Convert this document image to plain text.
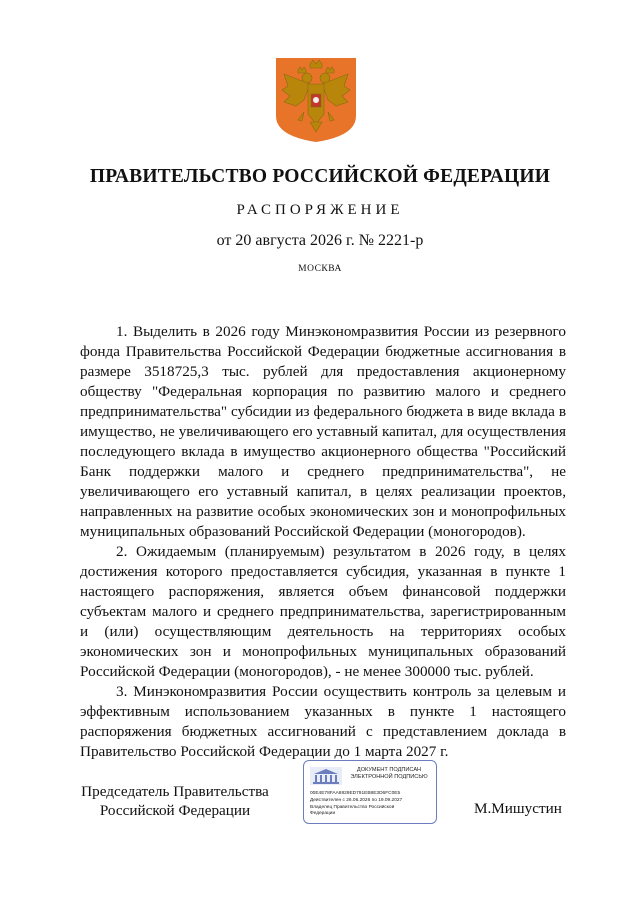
ПРАВИТЕЛЬСТВО РОССИЙСКОЙ ФЕДЕРАЦИИ
РАСПОРЯЖЕНИЕ
от 20 августа 2026 г. № 2221-р
МОСКВА

1. Выделить в 2026 году Минэкономразвития России из резервного фонда Правительства Российской Федерации бюджетные ассигнования в размере 3518725,3 тыс. рублей для предоставления акционерному обществу "Федеральная корпорация по развитию малого и среднего предпринимательства" субсидии из федерального бюджета в виде вклада в имущество, не увеличивающего его уставный капитал, для осуществления последующего вклада в имущество акционерного общества "Российский Банк поддержки малого и среднего предпринимательства", не увеличивающего его уставный капитал, в целях реализации проектов, направленных на развитие особых экономических зон и монопрофильных муниципальных образований Российской Федерации (моногородов).

2. Ожидаемым (планируемым) результатом в 2026 году, в целях достижения которого предоставляется субсидия, указанная в пункте 1 настоящего распоряжения, является объем финансовой поддержки субъектам малого и среднего предпринимательства, зарегистрированным и (или) осуществляющим деятельность на территориях особых экономических зон и монопрофильных муниципальных образований Российской Федерации (моногородов), - не менее 300000 тыс. рублей.

3. Минэкономразвития России осуществить контроль за целевым и эффективным использованием указанных в пункте 1 настоящего распоряжения бюджетных ассигнований с представлением доклада в Правительство Российской Федерации до 1 марта 2027 г.

Председатель Правительства
Российской Федерации
ДОКУМЕНТ ПОДПИСАН
ЭЛЕКТРОННОЙ ПОДПИСЬЮ
00E4E78FAA8829ED791EB8E3D6FC0E5
Действителен с 26.06.2026 по 19.09.2027
Владелец Правительство Российской
Федерации	М.Мишустин
